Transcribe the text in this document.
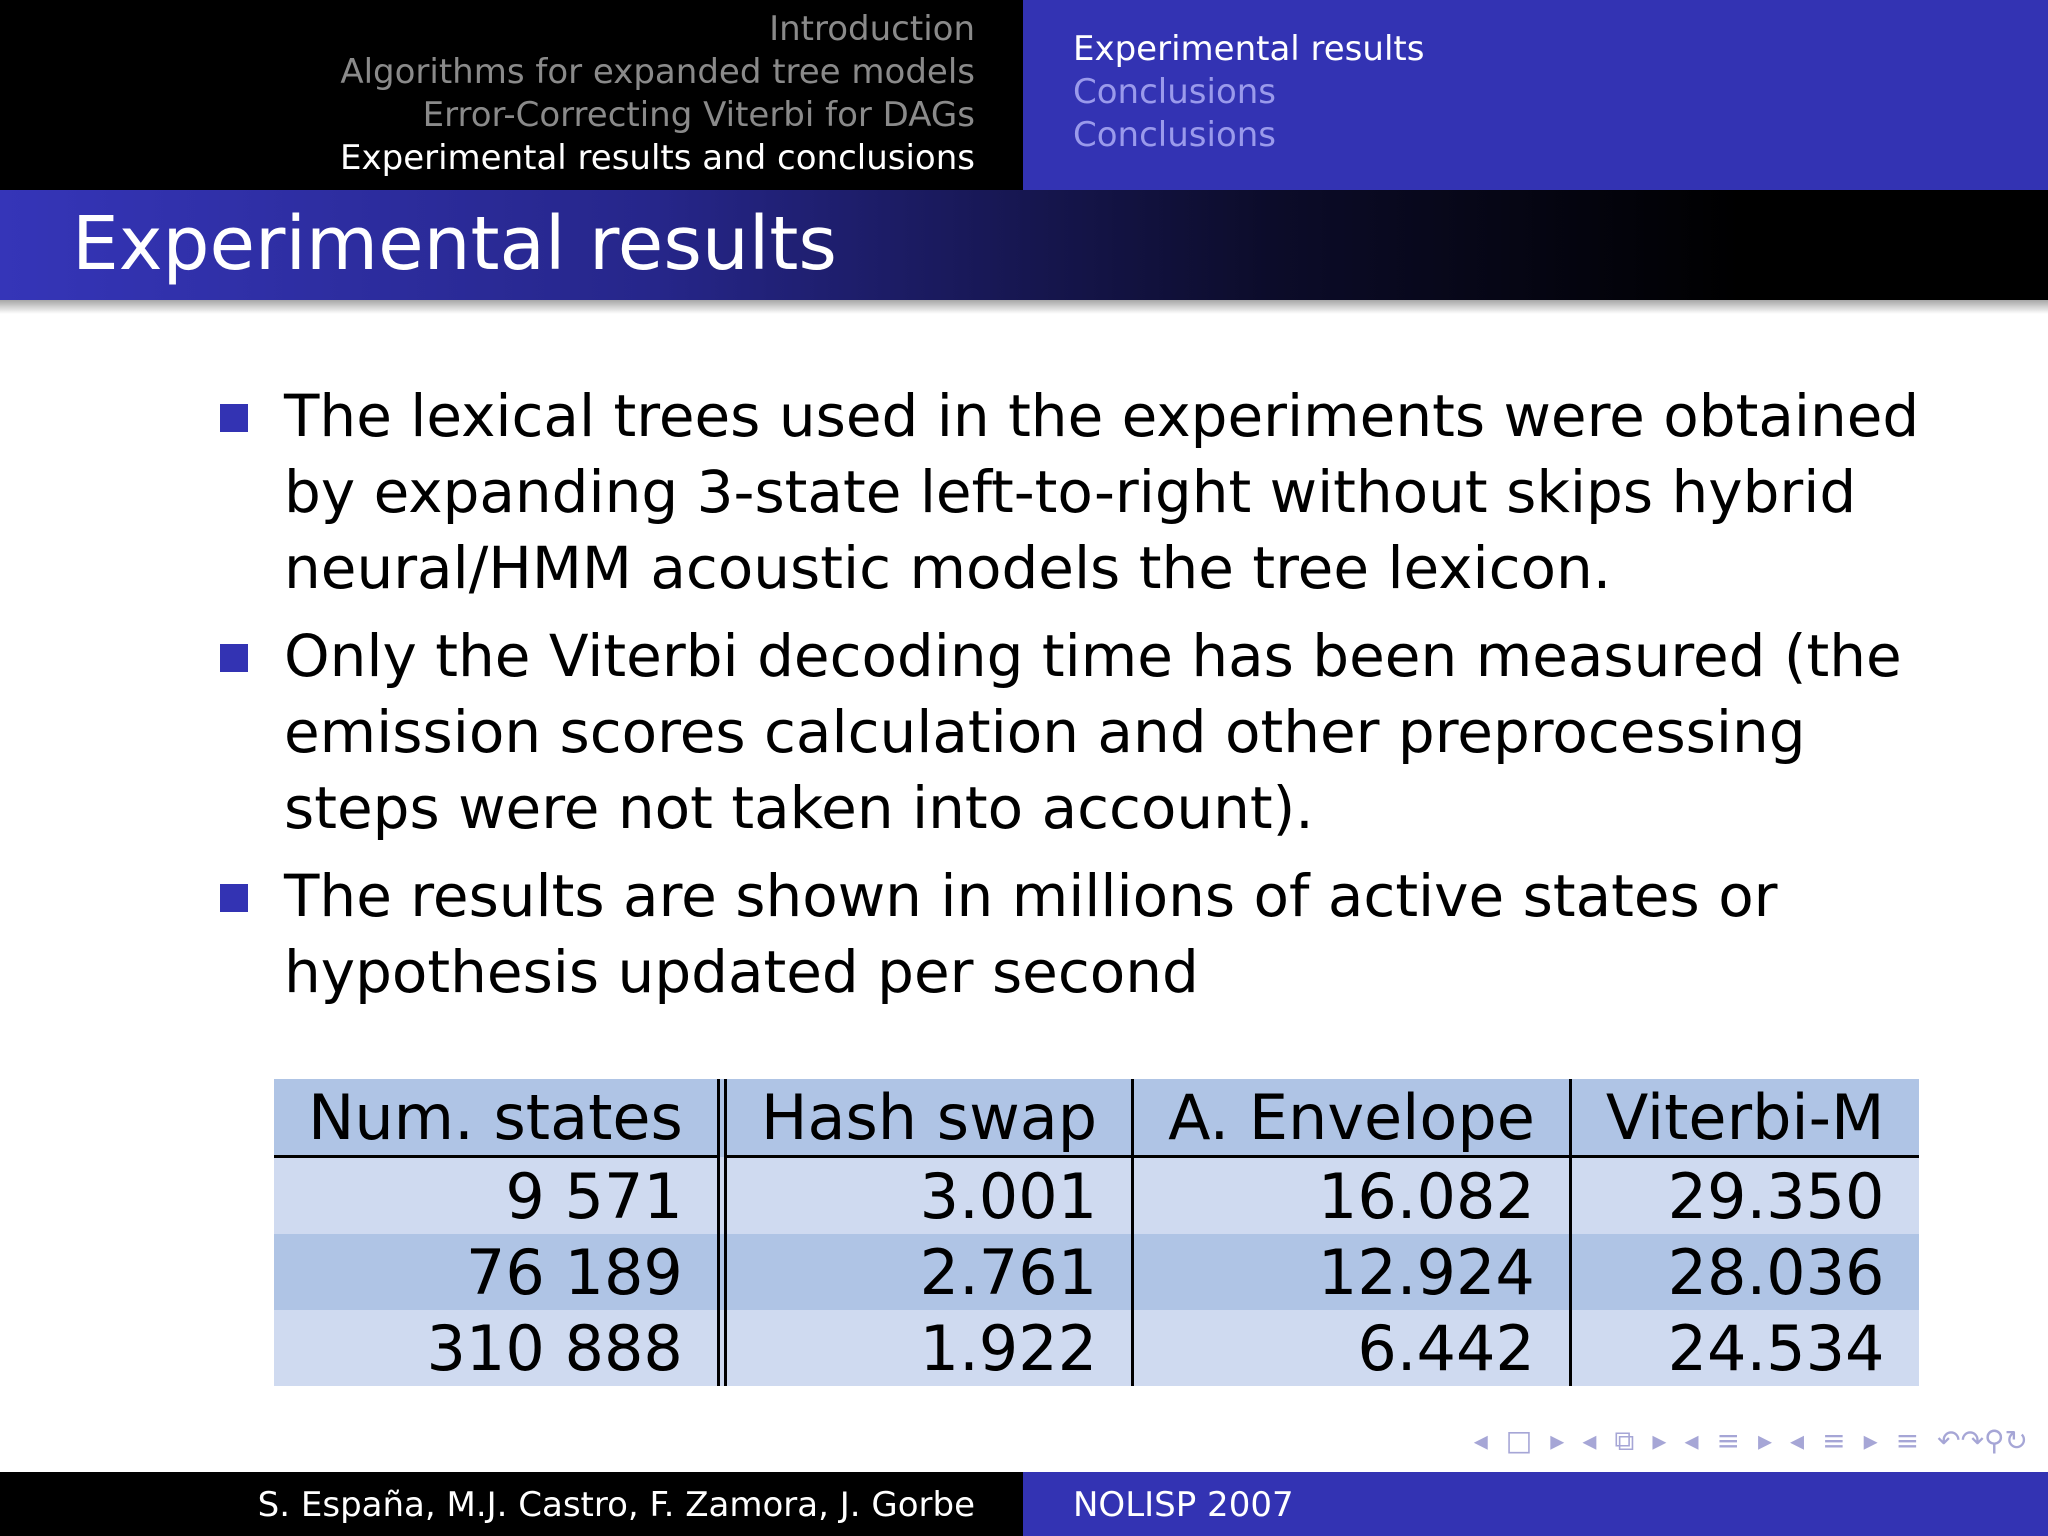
Introduction
Algorithms for expanded tree models
Error-Correcting Viterbi for DAGs
Experimental results and conclusions
Experimental results
Conclusions
Conclusions
Experimental results
The lexical trees used in the experiments were obtained by expanding 3-state left-to-right without skips hybrid neural/HMM acoustic models the tree lexicon.
Only the Viterbi decoding time has been measured (the emission scores calculation and other preprocessing steps were not taken into account).
The results are shown in millions of active states or hypothesis updated per second
Num. states	Hash swap	A. Envelope	Viterbi-M
9 571	3.001	16.082	29.350
76 189	2.761	12.924	28.036
310 888	1.922	6.442	24.534
◂ □ ▸ ◂ ⧉ ▸ ◂ ≡ ▸ ◂ ≡ ▸ ≡ ↶↷⚲↻
S. España, M.J. Castro, F. Zamora, J. Gorbe	NOLISP 2007
